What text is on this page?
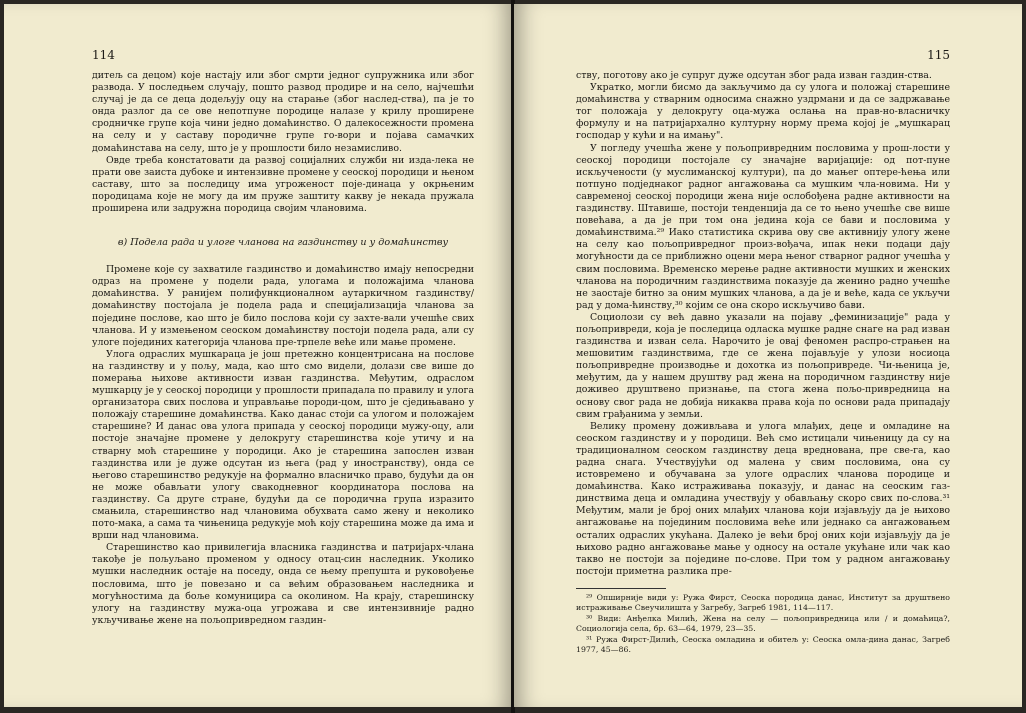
114

дитељ са децом) које настају или због смрти једног супружника или због развода. У последњем случају, пошто развод продире и на село, најчешћи случај је да се деца додељују оцу на старање (због наслед-ства), па је то онда разлог да се ове непотпуне породице налазе у крилу проширене сродничке групе која чини једно домаћинство. О далекосежности промена на селу и у саставу породичне групе го-вори и појава самачких домаћинстава на селу, што је у прошлости било незамисливо.

Овде треба констатовати да развој социјалних служби ни изда-лека не прати ове заиста дубоке и интензивне промене у сеоској породици и њеном саставу, што за последицу има угроженост поје-динаца у окрњеним породицама које не могу да им пруже заштиту какву је некада пружала проширена или задружна породица својим члановима.

в) Подела рада и улоге чланова на газдинству и у домаћинству

Промене које су захватиле газдинство и домаћинство имају непосредни одраз на промене у подели рада, улогама и положајима чланова домаћинства. У ранијем полифункционалном аутаркичном газдинству/домаћинству постојала је подела рада и специјализација чланова за поједине послове, као што је било послова који су захте-вали учешће свих чланова. И у измењеном сеоском домаћинству постоји подела рада, али су улоге појединих категорија чланова пре-трпеле веће или мање промене.

Улога одраслих мушкараца је још претежно концентрисана на послове на газдинству и у пољу, мада, као што смо видели, долази све више до померања њихове активности изван газдинства. Међутим, одраслом мушкарцу је у сеоској породици у прошлости припадала по правилу и улога организатора свих послова и управљање породи-цом, што је сједињавано у положају старешине домаћинства. Како данас стоји са улогом и положајем старешине? И данас ова улога припада у сеоској породици мужу-оцу, али постоје значајне промене у делокругу старешинства које утичу и на стварну моћ старешине у породици. Ако је старешина запослен изван газдинства или је дуже одсутан из њега (рад у иностранству), онда се његово старешинство редукује на формално власничко право, будући да он не може обављати улогу свакодневног координатора послова на газдинству. Са друге стране, будући да се породична група изразито смањила, старешинство над члановима обухвата само жену и неколико пото-мака, а сама та чињеница редукује моћ коју старешина може да има и врши над члановима.

Старешинство као привилегија власника газдинства и патријарх-чланa такође је пољуљано променом у односу отац-син наследник. Уколико мушки наследник остаје на поседу, онда се њему препушта и руковођење пословима, што је повезано и са већим образовањем наследника и могућностима да боље комуницира са околином. На крају, старешинску улогу на газдинству мужа-оца угрожава и све интензивније радно укључивање жене на пољопривредном газдин-

115

ству, поготову ако је супруг дуже одсутан због рада изван газдин-ства.

Укратко, могли бисмо да закључимо да су улога и положај старешине домаћинства у стварним односима снажно уздрмани и да се задржавање тог положаја у делокругу оца-мужа ослања на прав-но-власничку формулу и на патријархално културну норму према којој је „мушкарац господар у кући и на имању".

У погледу учешћа жене у пољопривредним пословима у прош-лости у сеоској породици постојале су значајне варијације: од пот-пуне искључености (у муслиманској култури), па до мањег оптере-ћења или потпуно подједнаког радног ангажовања са мушким чла-новима. Ни у савременој сеоској породици жена није ослобођена радне активности на газдинству. Штавише, постоји тенденција да се то њено учешће све више повећава, а да је при том она једина која се бави и пословима у домаћинствима.²⁹ Иако статистика скрива ову све активнију улогу жене на селу као пољопривредног произ-вођача, ипак неки подаци дају могућности да се приближно оцени мера њеног стварног радног учешћа у свим пословима. Временско мерење радне активности мушких и женских чланова на породичним газдинствима показује да женино радно учешће не заостаје битно за оним мушких чланова, а да је и веће, када се укључи рад у дома-ћинству,³⁰ којим се она скоро искључиво бави.

Социолози су већ давно указали на појаву „феминизације" рада у пољопривреди, која је последица одласка мушке радне снаге на рад изван газдинства и изван села. Нарочито је овај феномен распро-страњен на мешовитим газдинствима, где се жена појављује у улози носиоца пољопривредне производње и дохотка из пољопривреде. Чи-њеница је, међутим, да у нашем друштву рад жена на породичном газдинству није доживео друштвено признање, па стога жена пољо-привредница на основу свог рада не добија никаква права која по основи рада припадају свим грађанима у земљи.

Велику промену доживљава и улога млађих, деце и омладине на сеоском газдинству и у породици. Већ смо истицали чињеницу да су на традиционалном сеоском газдинству деца вреднована, пре све-га, као радна снага. Учествујући од малена у свим пословима, она су истовремено и обучавана за улоге одраслих чланова породице и домаћинства. Како истраживања показују, и данас на сеоским газ-динствима деца и омладина учествују у обављању скоро свих по-слова.³¹ Међутим, мали је број оних млађих чланова који изјављују да је њихово ангажовање на појединим пословима веће или једнако са ангажовањем осталих одраслих укућана. Далеко је већи број оних који изјављују да је њихово радно ангажовање мање у односу на остале укућане или чак као такво не постоји за поједине по-слове. При том у радном ангажовању постоји приметна разлика пре-

²⁹ Опширније види у: Ружа Фирст, Сеоска породица данас, Институт за друштвено истраживање Свеучилишта у Загребу, Загреб 1981, 114—117.

³⁰ Види: Анђелка Милић, Жена на селу — пољопривредница или / и домаћица?, Социологија села, бр. 63—64, 1979, 23—35.

³¹ Ружа Фирст-Дилић, Сеоска омладина и обитељ у: Сеоска омла-дина данас, Загреб 1977, 45—86.
